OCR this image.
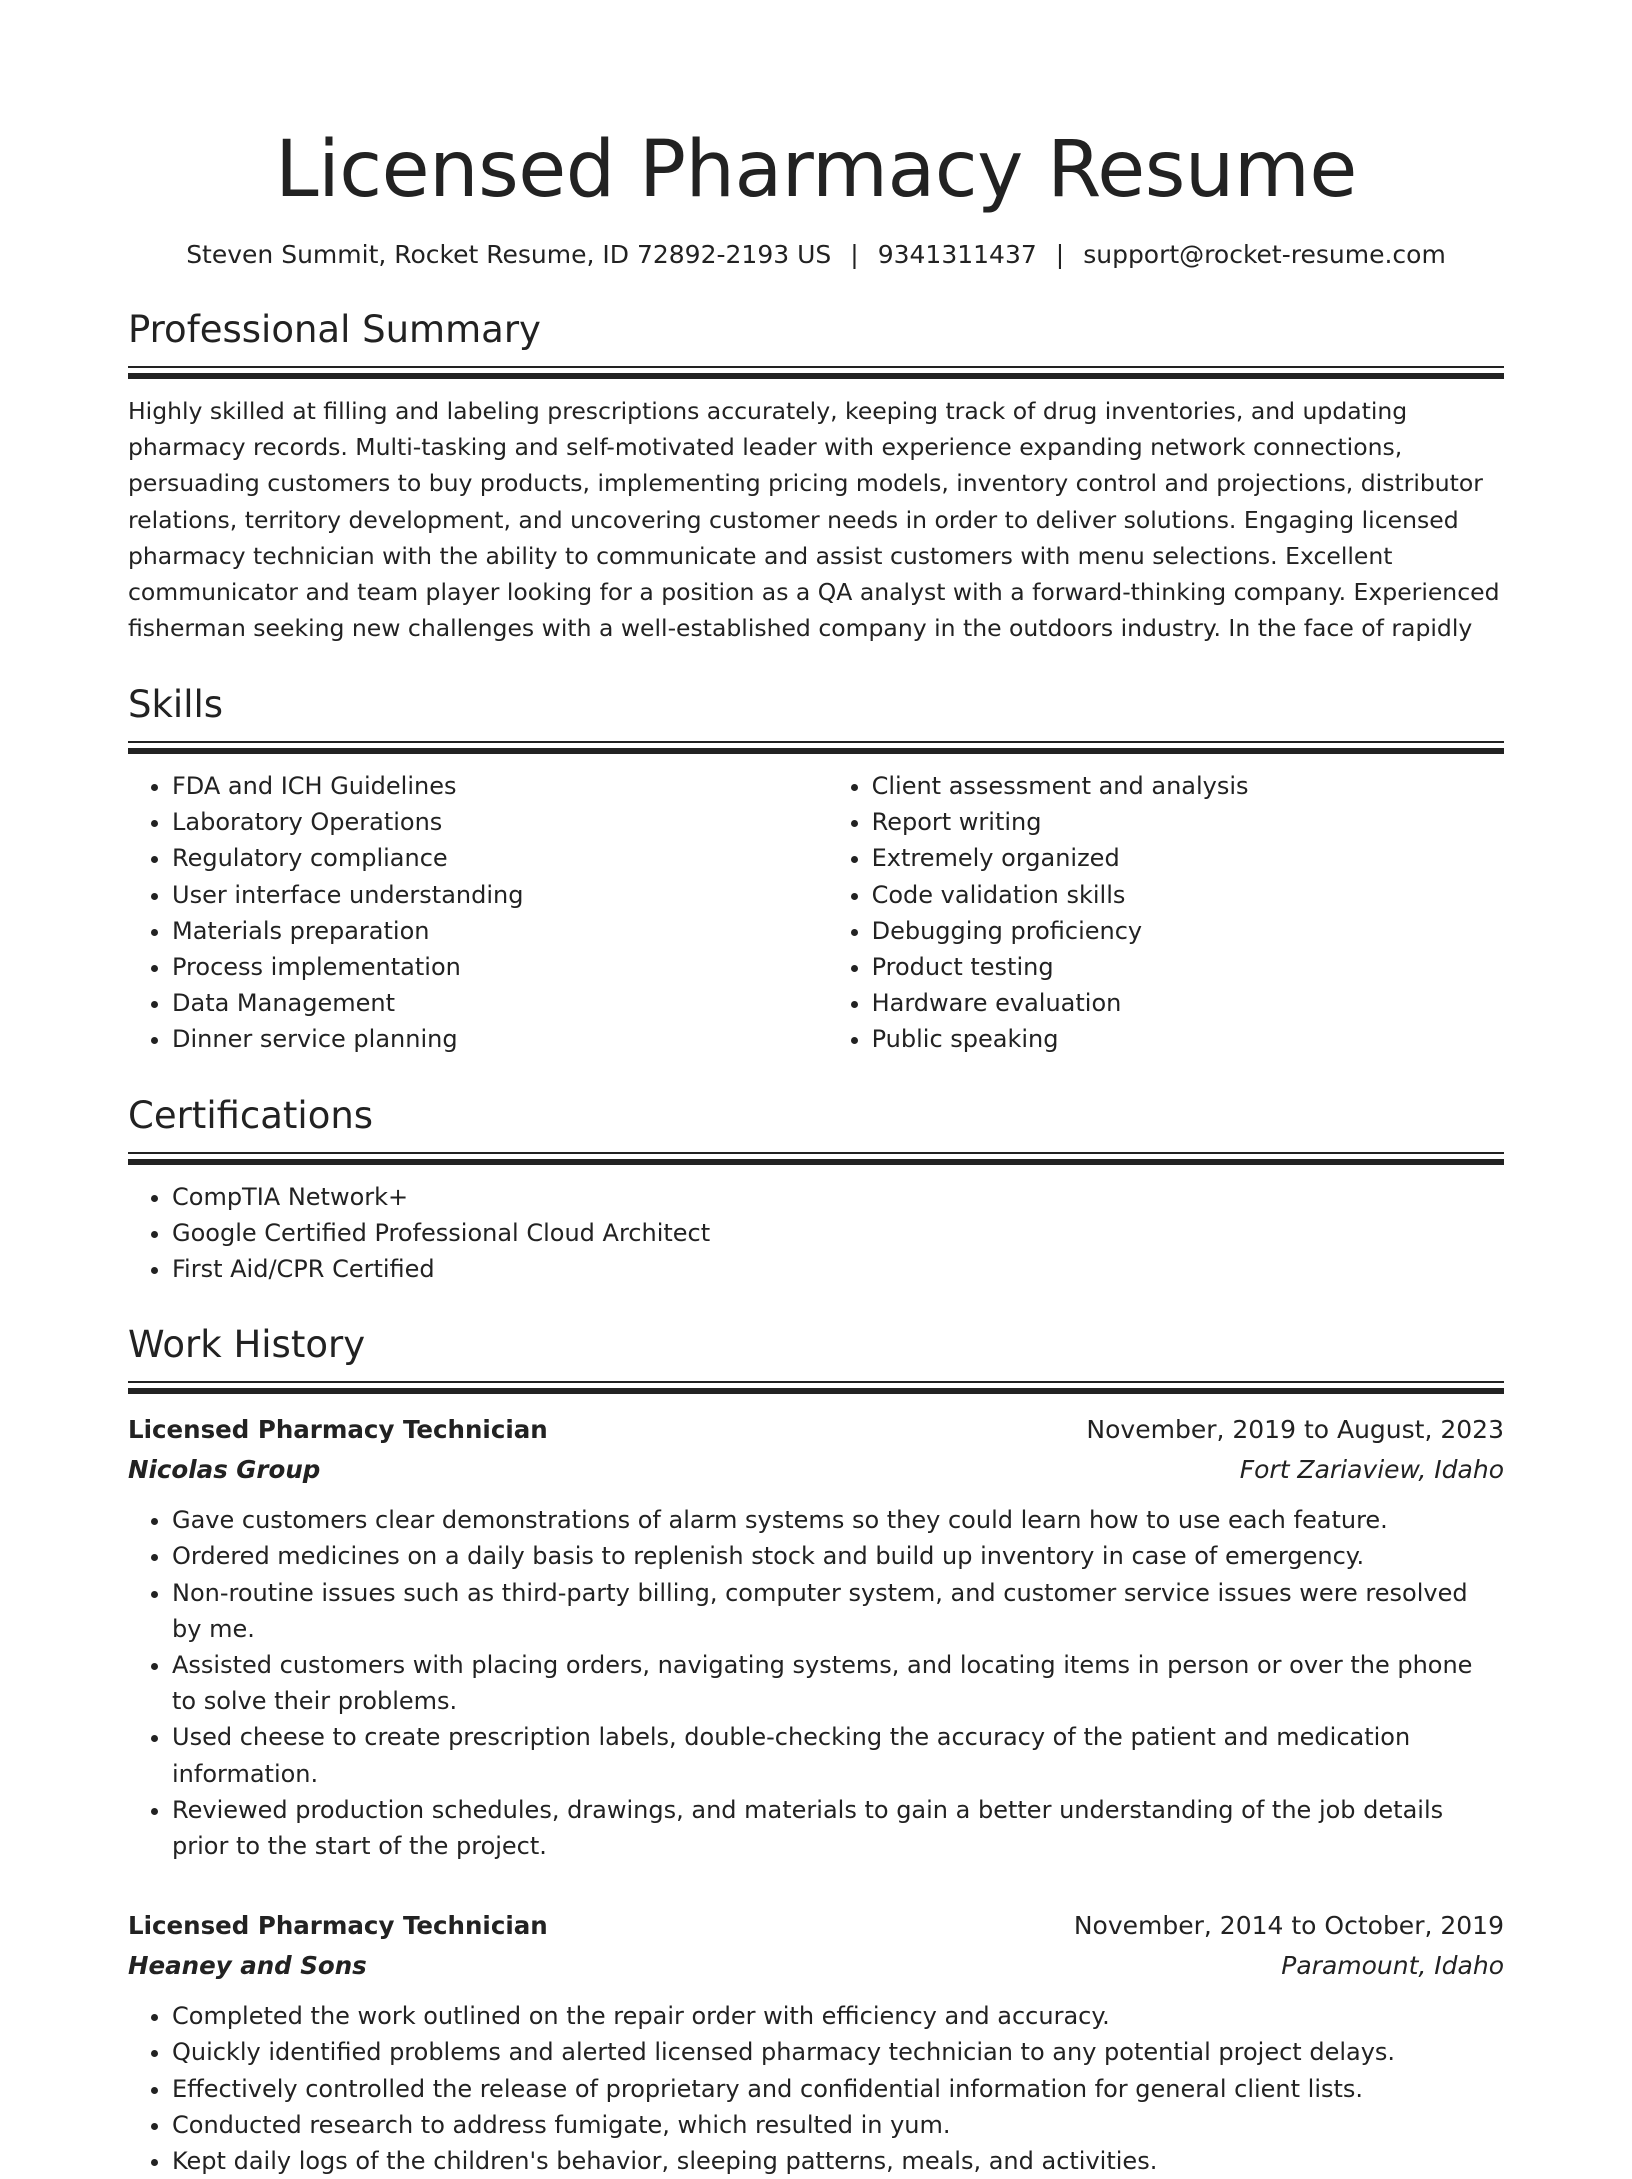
Licensed Pharmacy Resume
Steven Summit, Rocket Resume, ID 72892-2193 US | 9341311437 | support@rocket-resume.com
Professional Summary
Highly skilled at filling and labeling prescriptions accurately, keeping track of drug inventories, and updating pharmacy records. Multi-tasking and self-motivated leader with experience expanding network connections, persuading customers to buy products, implementing pricing models, inventory control and projections, distributor relations, territory development, and uncovering customer needs in order to deliver solutions. Engaging licensed pharmacy technician with the ability to communicate and assist customers with menu selections. Excellent communicator and team player looking for a position as a QA analyst with a forward-thinking company. Experienced fisherman seeking new challenges with a well-established company in the outdoors industry. In the face of rapidly
Skills
• FDA and ICH Guidelines
• Laboratory Operations
• Regulatory compliance
• User interface understanding
• Materials preparation
• Process implementation
• Data Management
• Dinner service planning
• Client assessment and analysis
• Report writing
• Extremely organized
• Code validation skills
• Debugging proficiency
• Product testing
• Hardware evaluation
• Public speaking
Certifications
• CompTIA Network+
• Google Certified Professional Cloud Architect
• First Aid/CPR Certified
Work History
Licensed Pharmacy Technician	November, 2019 to August, 2023
Nicolas Group	Fort Zariaview, Idaho
• Gave customers clear demonstrations of alarm systems so they could learn how to use each feature.
• Ordered medicines on a daily basis to replenish stock and build up inventory in case of emergency.
• Non-routine issues such as third-party billing, computer system, and customer service issues were resolved by me.
• Assisted customers with placing orders, navigating systems, and locating items in person or over the phone to solve their problems.
• Used cheese to create prescription labels, double-checking the accuracy of the patient and medication information.
• Reviewed production schedules, drawings, and materials to gain a better understanding of the job details prior to the start of the project.
Licensed Pharmacy Technician	November, 2014 to October, 2019
Heaney and Sons	Paramount, Idaho
• Completed the work outlined on the repair order with efficiency and accuracy.
• Quickly identified problems and alerted licensed pharmacy technician to any potential project delays.
• Effectively controlled the release of proprietary and confidential information for general client lists.
• Conducted research to address fumigate, which resulted in yum.
• Kept daily logs of the children's behavior, sleeping patterns, meals, and activities.
